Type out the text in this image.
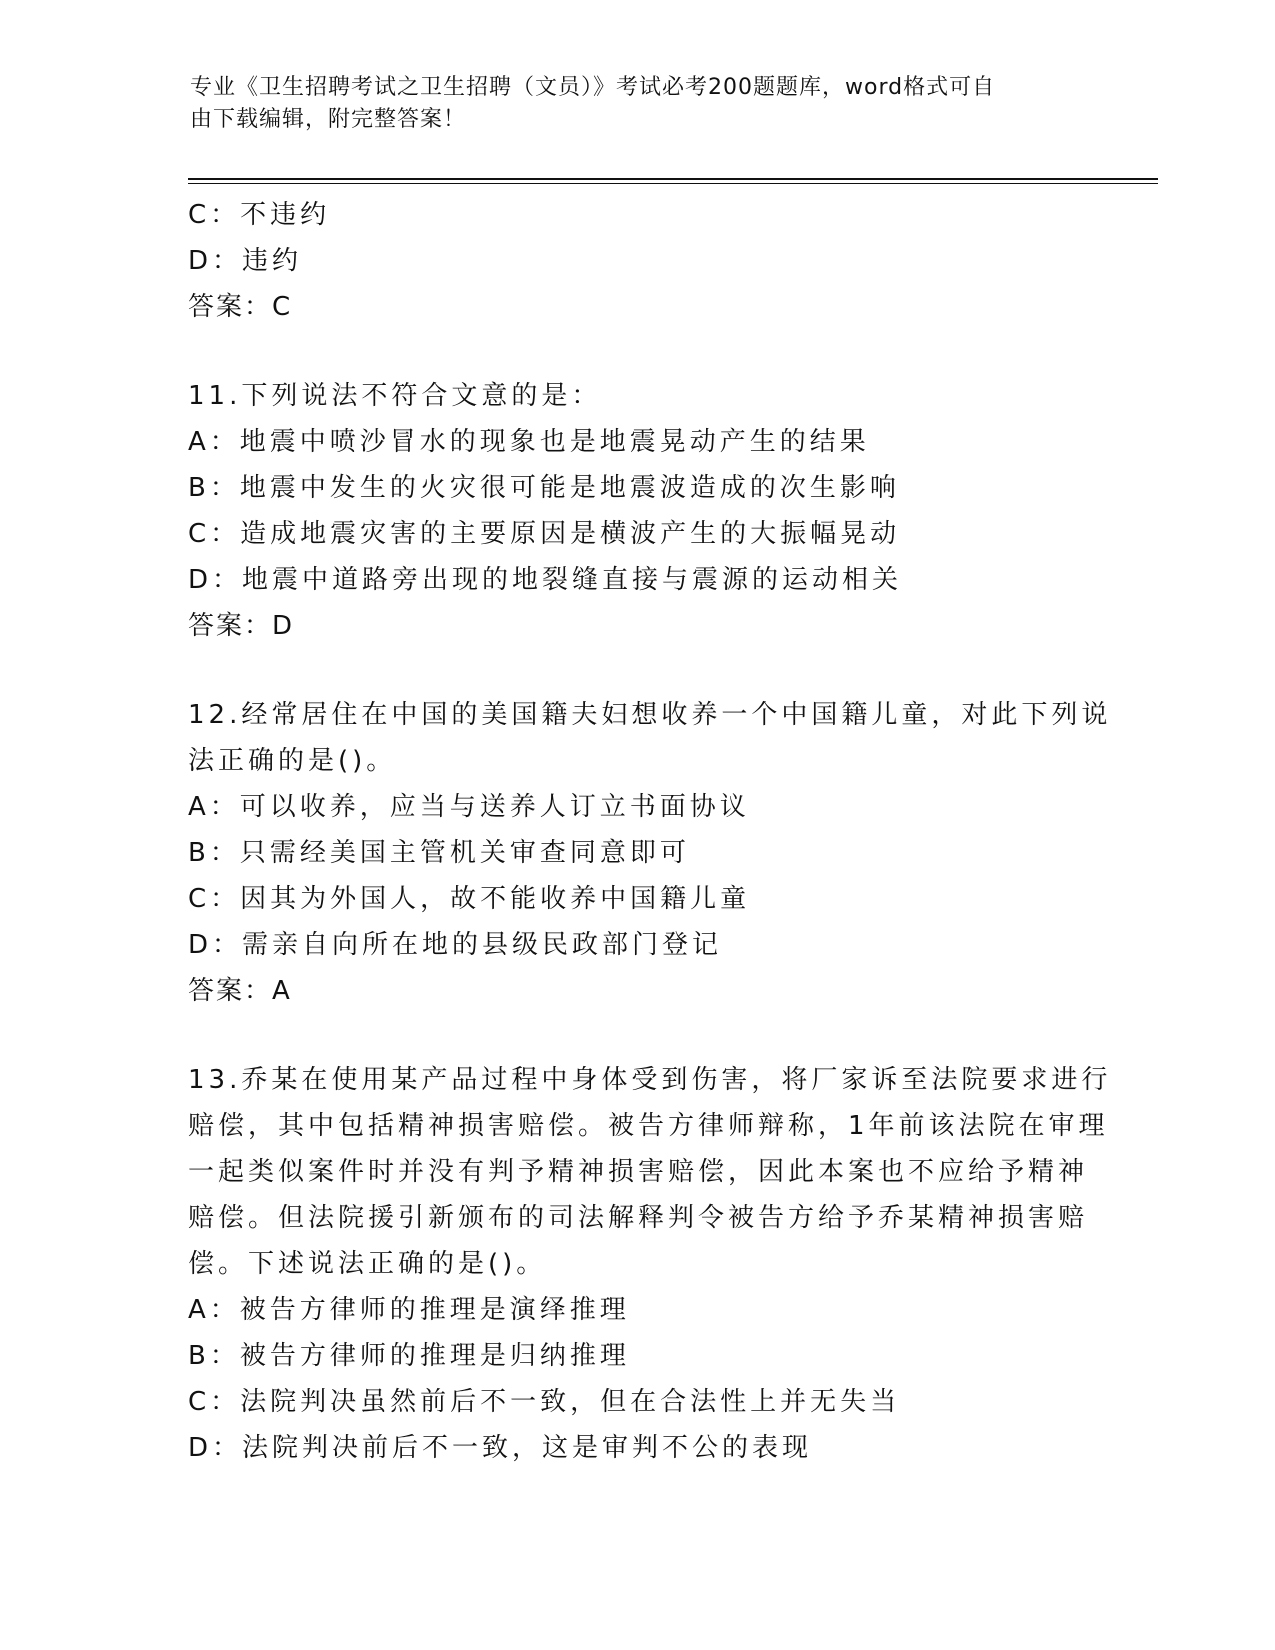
专业《卫生招聘考试之卫生招聘（文员）》考试必考200题题库，word格式可自
由下载编辑，附完整答案！
C：不违约
D：违约
答案：C
11.下列说法不符合文意的是：
A：地震中喷沙冒水的现象也是地震晃动产生的结果
B：地震中发生的火灾很可能是地震波造成的次生影响
C：造成地震灾害的主要原因是横波产生的大振幅晃动
D：地震中道路旁出现的地裂缝直接与震源的运动相关
答案：D
12.经常居住在中国的美国籍夫妇想收养一个中国籍儿童，对此下列说
法正确的是()。
A：可以收养，应当与送养人订立书面协议
B：只需经美国主管机关审查同意即可
C：因其为外国人，故不能收养中国籍儿童
D：需亲自向所在地的县级民政部门登记
答案：A
13.乔某在使用某产品过程中身体受到伤害，将厂家诉至法院要求进行
赔偿，其中包括精神损害赔偿。被告方律师辩称，1年前该法院在审理
一起类似案件时并没有判予精神损害赔偿，因此本案也不应给予精神
赔偿。但法院援引新颁布的司法解释判令被告方给予乔某精神损害赔
偿。下述说法正确的是()。
A：被告方律师的推理是演绎推理
B：被告方律师的推理是归纳推理
C：法院判决虽然前后不一致，但在合法性上并无失当
D：法院判决前后不一致，这是审判不公的表现
